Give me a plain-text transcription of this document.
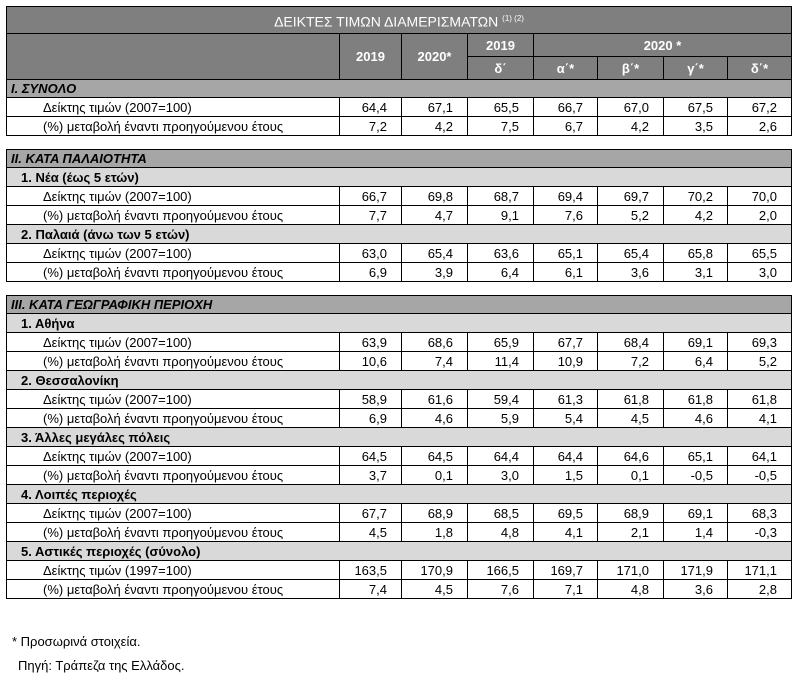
ΔΕΙΚΤΕΣ ΤΙΜΩΝ ΔΙΑΜΕΡΙΣΜΑΤΩΝ $^{(1) (2)}$
	2019	2020*	2019	2020 *			
			δ΄	α΄*	β΄*	γ΄*	δ΄*
I. ΣΥΝΟΛΟ							
Δείκτης τιμών (2007=100)	64,4	67,1	65,5	66,7	67,0	67,5	67,2
(%) μεταβολή έναντι προηγούμενου έτους	7,2	4,2	7,5	6,7	4,2	3,5	2,6

II. ΚΑΤΑ ΠΑΛΑΙΟΤΗΤΑ							
1. Νέα (έως 5 ετών)							
Δείκτης τιμών (2007=100)	66,7	69,8	68,7	69,4	69,7	70,2	70,0
(%) μεταβολή έναντι προηγούμενου έτους	7,7	4,7	9,1	7,6	5,2	4,2	2,0
2. Παλαιά (άνω των 5 ετών)							
Δείκτης τιμών (2007=100)	63,0	65,4	63,6	65,1	65,4	65,8	65,5
(%) μεταβολή έναντι προηγούμενου έτους	6,9	3,9	6,4	6,1	3,6	3,1	3,0

III. ΚΑΤΑ ΓΕΩΓΡΑΦΙΚΗ ΠΕΡΙΟΧΗ							
1. Αθήνα							
Δείκτης τιμών (2007=100)	63,9	68,6	65,9	67,7	68,4	69,1	69,3
(%) μεταβολή έναντι προηγούμενου έτους	10,6	7,4	11,4	10,9	7,2	6,4	5,2
2. Θεσσαλονίκη							
Δείκτης τιμών (2007=100)	58,9	61,6	59,4	61,3	61,8	61,8	61,8
(%) μεταβολή έναντι προηγούμενου έτους	6,9	4,6	5,9	5,4	4,5	4,6	4,1
3. Άλλες μεγάλες πόλεις							
Δείκτης τιμών (2007=100)	64,5	64,5	64,4	64,4	64,6	65,1	64,1
(%) μεταβολή έναντι προηγούμενου έτους	3,7	0,1	3,0	1,5	0,1	-0,5	-0,5
4. Λοιπές περιοχές							
Δείκτης τιμών (2007=100)	67,7	68,9	68,5	69,5	68,9	69,1	68,3
(%) μεταβολή έναντι προηγούμενου έτους	4,5	1,8	4,8	4,1	2,1	1,4	-0,3
5. Αστικές περιοχές (σύνολο)							
Δείκτης τιμών (1997=100)	163,5	170,9	166,5	169,7	171,0	171,9	171,1
(%) μεταβολή έναντι προηγούμενου έτους	7,4	4,5	7,6	7,1	4,8	3,6	2,8
* Προσωρινά στοιχεία.
Πηγή: Τράπεζα της Ελλάδος.
